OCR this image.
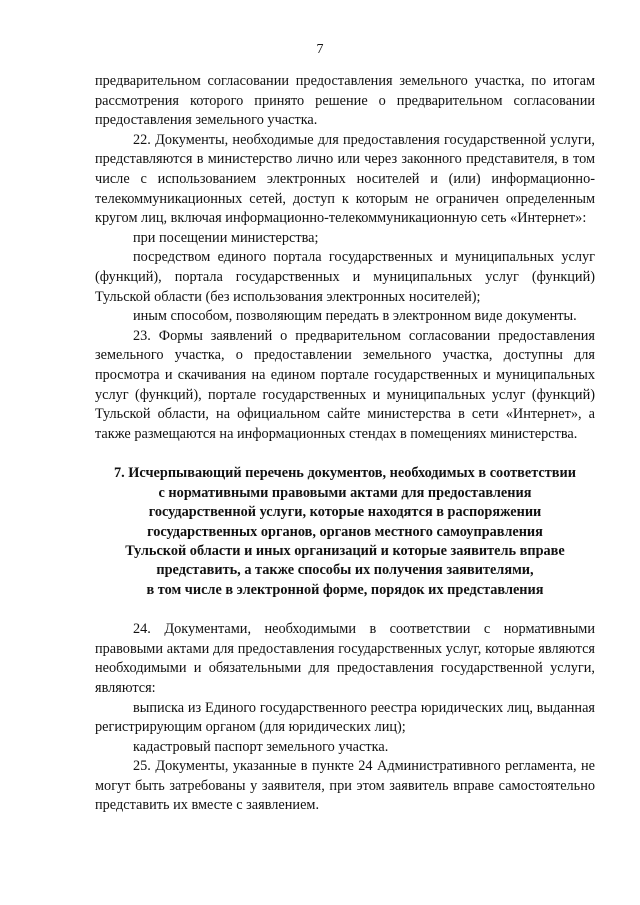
7

предварительном согласовании предоставления земельного участка, по итогам рассмотрения которого принято решение о предварительном согласовании предоставления земельного участка.

22. Документы, необходимые для предоставления государственной услуги, представляются в министерство лично или через законного представителя, в том числе с использованием электронных носителей и (или) информационно-телекоммуникационных сетей, доступ к которым не ограничен определенным кругом лиц, включая информационно-телекоммуникационную сеть «Интернет»:

при посещении министерства;

посредством единого портала государственных и муниципальных услуг (функций), портала государственных и муниципальных услуг (функций) Тульской области (без использования электронных носителей);

иным способом, позволяющим передать в электронном виде документы.

23. Формы заявлений о предварительном согласовании предоставления земельного участка, о предоставлении земельного участка, доступны для просмотра и скачивания на едином портале государственных и муниципальных услуг (функций), портале государственных и муниципальных услуг (функций) Тульской области, на официальном сайте министерства в сети «Интернет», а также размещаются на информационных стендах в помещениях министерства.

7. Исчерпывающий перечень документов, необходимых в соответствии
с нормативными правовыми актами для предоставления
государственной услуги, которые находятся в распоряжении
государственных органов, органов местного самоуправления
Тульской области и иных организаций и которые заявитель вправе
представить, а также способы их получения заявителями,
в том числе в электронной форме, порядок их представления

24. Документами, необходимыми в соответствии с нормативными правовыми актами для предоставления государственных услуг, которые являются необходимыми и обязательными для предоставления государственной услуги, являются:

выписка из Единого государственного реестра юридических лиц, выданная регистрирующим органом (для юридических лиц);

кадастровый паспорт земельного участка.

25. Документы, указанные в пункте 24 Административного регламента, не могут быть затребованы у заявителя, при этом заявитель вправе самостоятельно представить их вместе с заявлением.
